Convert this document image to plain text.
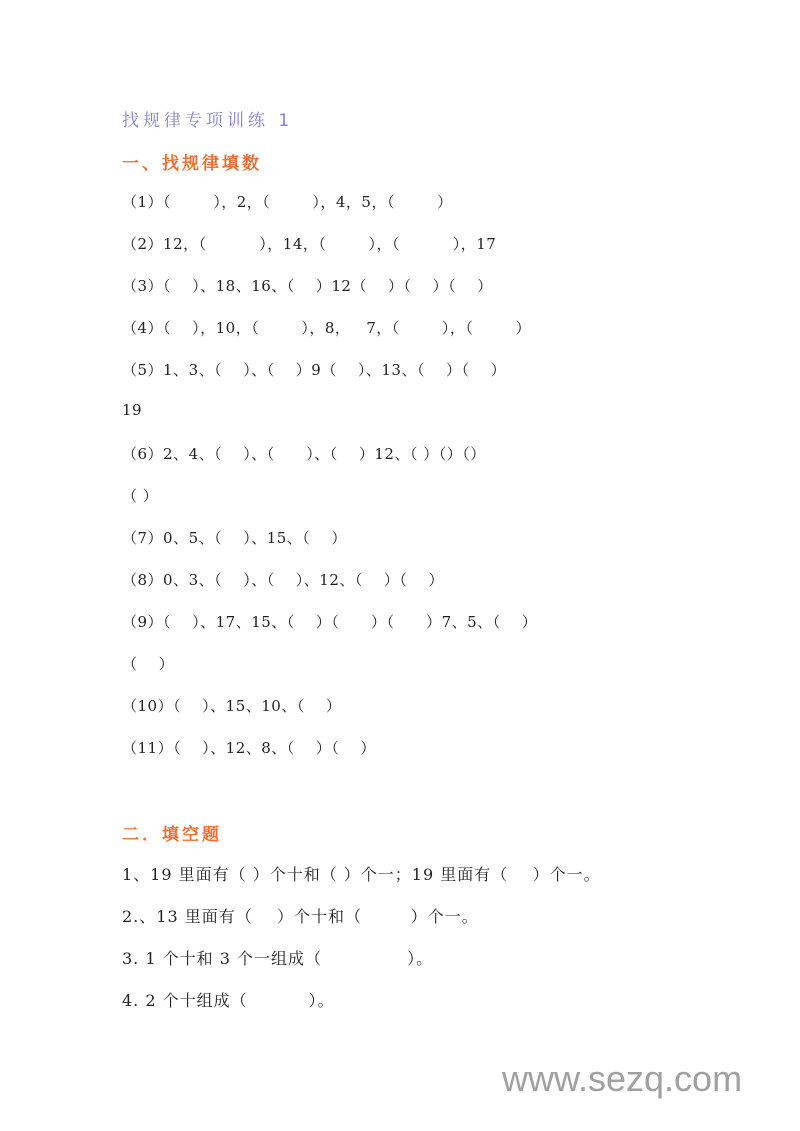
找规律专项训练 1
一、找规律填数
（1）（        ），2，（        ），4，5，（        ）
（2）12，（          ），14，（        ），（          ），17
（3）（    ）、18、16、（    ）12（    ）（    ）（    ）
（4）（    ），10，（        ），8，   7，（        ），（        ）
（5）1、3、（    ）、（    ）9（    ）、13、（    ）（    ）
19
（6）2、4、（    ）、（      ）、（    ）12、（ ）（）（）
（ ）
（7）0、5、（    ）、15、（    ）
（8）0、3、（    ）、（    ）、12、（    ）（    ）
（9）（    ）、17、15、（    ）（      ）（      ）7、5、（    ）
（    ）
（10）（    ）、15、10、（    ）
（11）（    ）、12、8、（    ）（    ）
二．填空题
1、19 里面有（ ）个十和（ ）个一；19 里面有（    ）个一。
2.、13 里面有（    ）个十和（        ）个一。
3. 1 个十和 3 个一组成（              ）。
4. 2 个十组成（          ）。
www.sezq.com
